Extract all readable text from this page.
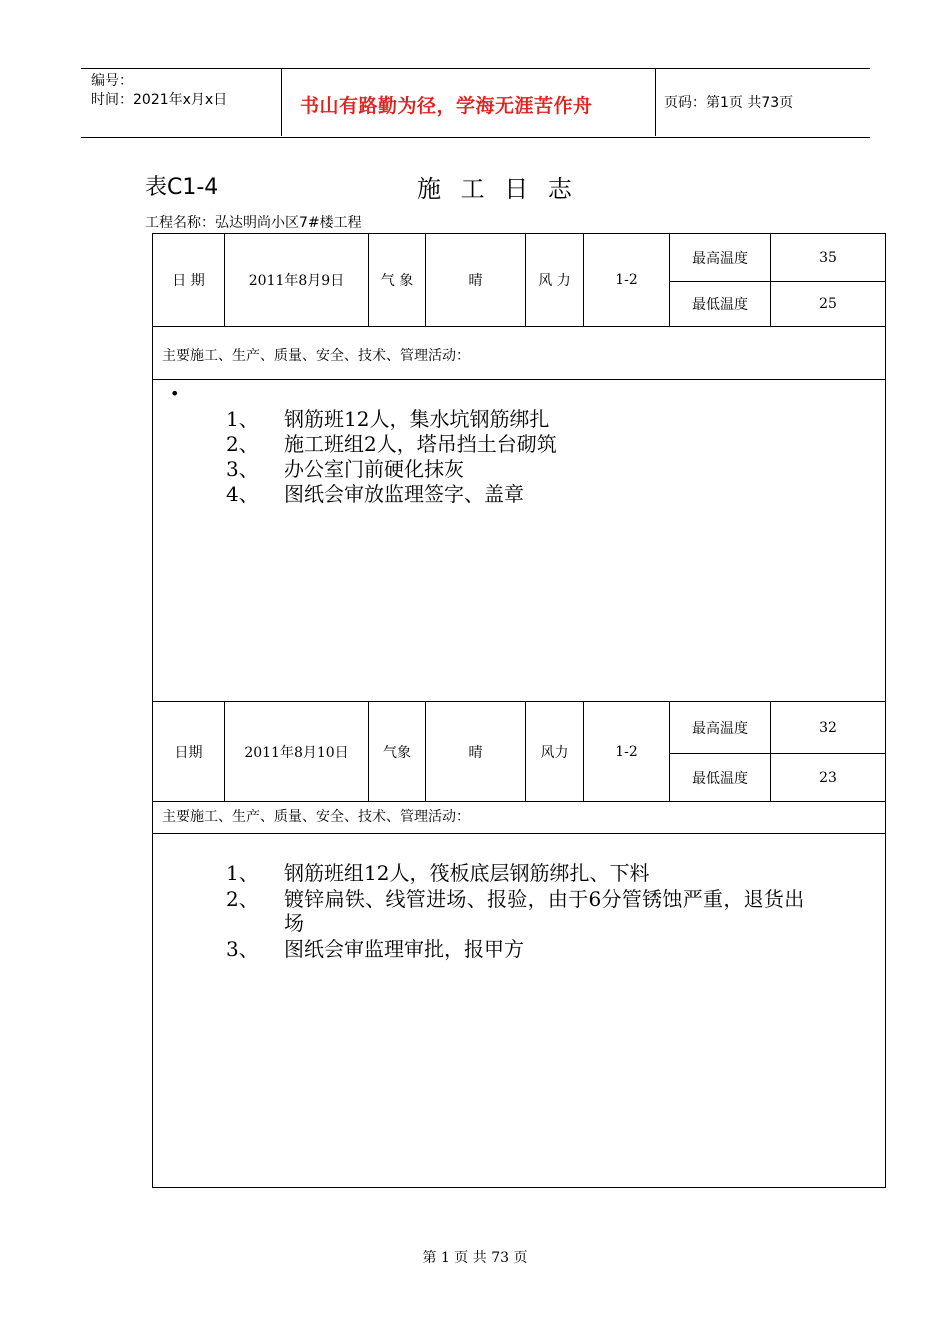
编号：
时间：2021年x月x日	书山有路勤为径，学海无涯苦作舟	页码：第1页 共73页
表C1-4	施 工 日 志
工程名称：弘达明尚小区7#楼工程
日 期	2011年8月9日	气 象	晴	风 力	1-2
最高温度	35
最低温度	25
主要施工、生产、质量、安全、技术、管理活动：
•
1、 钢筋班12人，集水坑钢筋绑扎
2、 施工班组2人，塔吊挡土台砌筑
3、 办公室门前硬化抹灰
4、 图纸会审放监理签字、盖章
日期	2011年8月10日	气象	晴	风力	1-2
最高温度	32
最低温度	23
主要施工、生产、质量、安全、技术、管理活动：
1、 钢筋班组12人，筏板底层钢筋绑扎、下料
2、 镀锌扁铁、线管进场、报验，由于6分管锈蚀严重，退货出
场
3、 图纸会审监理审批，报甲方
第 1 页 共 73 页
